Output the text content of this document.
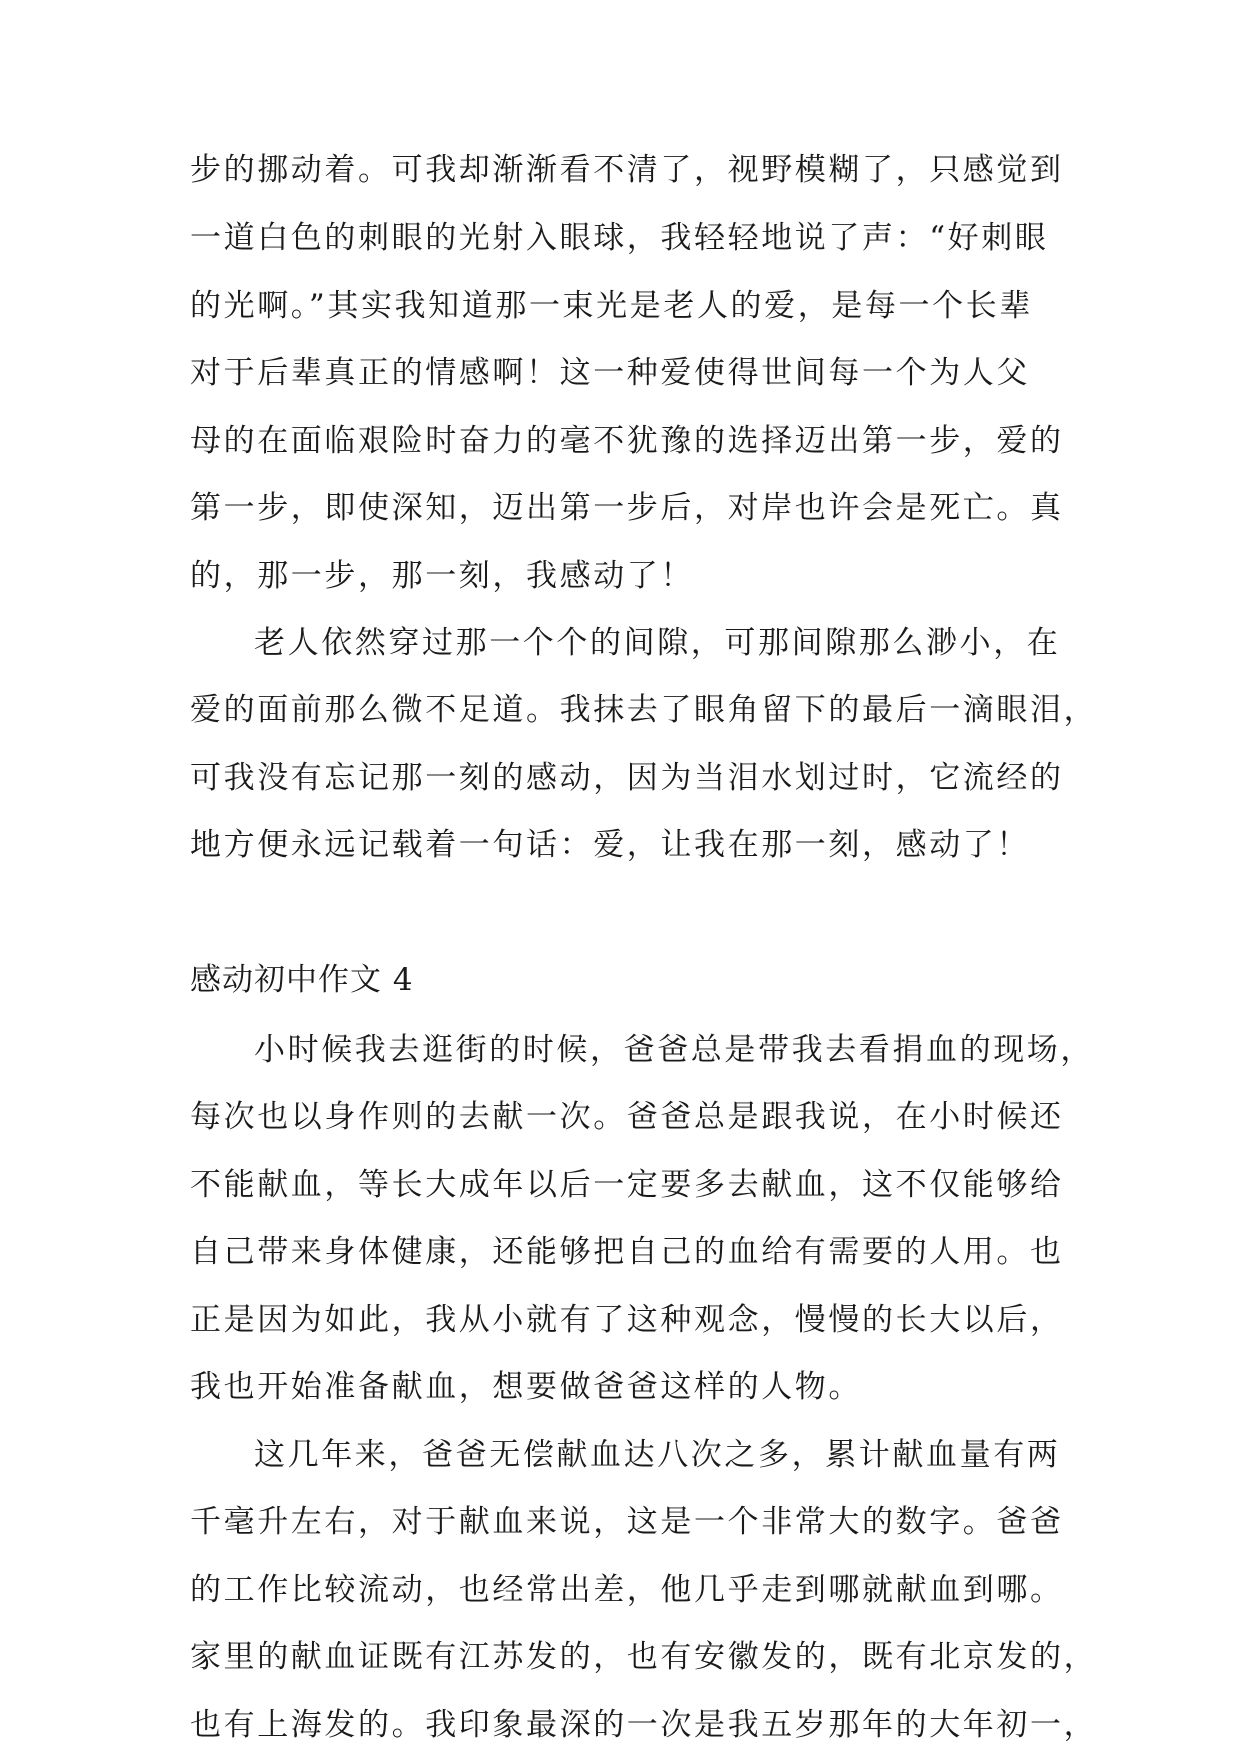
步的挪动着。可我却渐渐看不清了，视野模糊了，只感觉到
一道白色的刺眼的光射入眼球，我轻轻地说了声：“好刺眼
的光啊。”其实我知道那一束光是老人的爱，是每一个长辈
对于后辈真正的情感啊！这一种爱使得世间每一个为人父
母的在面临艰险时奋力的毫不犹豫的选择迈出第一步，爱的
第一步，即使深知，迈出第一步后，对岸也许会是死亡。真
的，那一步，那一刻，我感动了！
老人依然穿过那一个个的间隙，可那间隙那么渺小，在
爱的面前那么微不足道。我抹去了眼角留下的最后一滴眼泪，
可我没有忘记那一刻的感动，因为当泪水划过时，它流经的
地方便永远记载着一句话：爱，让我在那一刻，感动了！
感动初中作文 4
小时候我去逛街的时候，爸爸总是带我去看捐血的现场，
每次也以身作则的去献一次。爸爸总是跟我说，在小时候还
不能献血，等长大成年以后一定要多去献血，这不仅能够给
自己带来身体健康，还能够把自己的血给有需要的人用。也
正是因为如此，我从小就有了这种观念，慢慢的长大以后，
我也开始准备献血，想要做爸爸这样的人物。
这几年来，爸爸无偿献血达八次之多，累计献血量有两
千毫升左右，对于献血来说，这是一个非常大的数字。爸爸
的工作比较流动，也经常出差，他几乎走到哪就献血到哪。
家里的献血证既有江苏发的，也有安徽发的，既有北京发的，
也有上海发的。我印象最深的一次是我五岁那年的大年初一，
